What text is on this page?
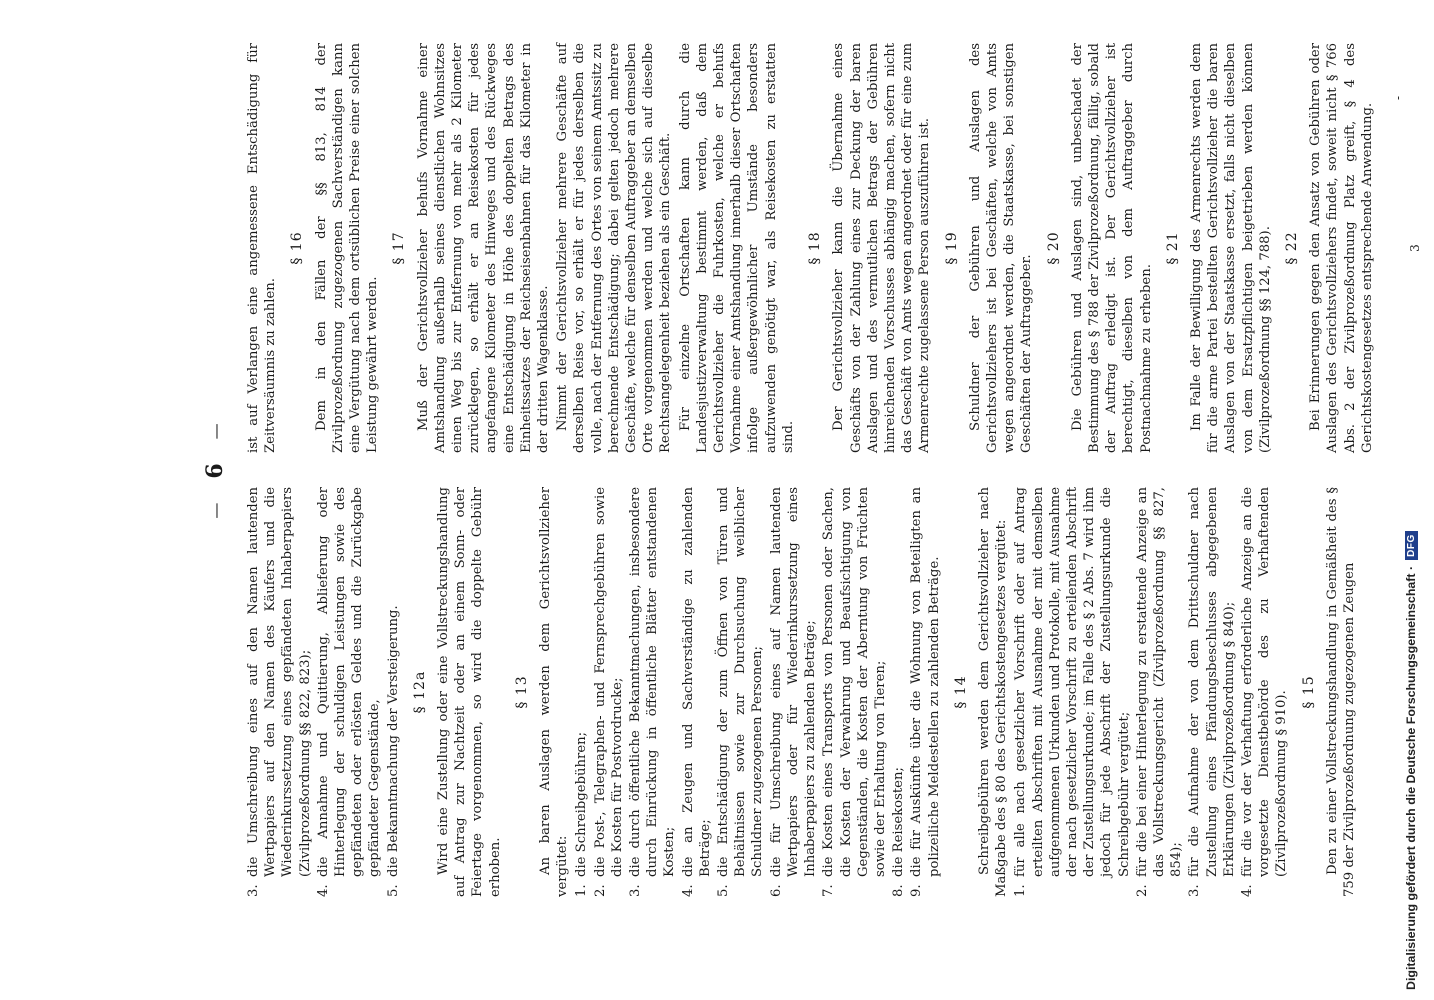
—
6
—
3.
die Umschreibung eines auf den Namen lautenden Wertpapiers auf den Namen des Käufers und die Wiederinkurssetzung eines gepfändeten Inhaberpapiers (Zivilprozeßordnung §§ 822, 823);
4.
die Annahme und Quittierung, Ablieferung oder Hinterlegung der schuldigen Leistungen sowie des gepfändeten oder erlösten Geldes und die Zurückgabe gepfändeter Gegenstände,
5.
die Bekanntmachung der Versteigerung. § 12a Wird eine Zustellung oder eine Vollstreckungshandlung auf Antrag zur Nachtzeit oder an einem Sonn- oder Feiertage vorgenommen, so wird die doppelte Gebühr erhoben.

§ 13 An baren Auslagen werden dem Gerichtsvollzieher vergütet: 1.
die Schreibgebühren;
2.
die Post-, Telegraphen- und Fernsprechgebühren sowie die Kosten für Postvordrucke;
3.
die durch öffentliche Bekanntmachungen, insbesondere durch Einrückung in öffentliche Blätter entstandenen Kosten;
4.
die an Zeugen und Sachverständige zu zahlenden Beträge;
5.
die Entschädigung der zum Öffnen von Türen und Behältnissen sowie zur Durchsuchung weiblicher Schuldner zugezogenen Personen;
6.
die für Umschreibung eines auf Namen lautenden Wertpapiers oder für Wiederinkurssetzung eines Inhaberpapiers zu zahlenden Beträge;
7.
die Kosten eines Transports von Personen oder Sachen, die Kosten der Verwahrung und Beaufsichtigung von Gegenständen, die Kosten der Aberntung von Früchten sowie der Erhaltung von Tieren;
8.
die Reisekosten;
9.
die für Auskünfte über die Wohnung von Beteiligten an polizeiliche Meldestellen zu zahlenden Beträge. § 14 Schreibgebühren werden dem Gerichtsvollzieher nach Maßgabe des § 80 des Gerichtskostengesetzes vergütet: 1.
für alle nach gesetzlicher Vorschrift oder auf Antrag erteilten Abschriften mit Ausnahme der mit demselben aufgenommenen Urkunden und Protokolle, mit Ausnahme der nach gesetzlicher Vorschrift zu erteilenden Abschrift der Zustellungsurkunde; im Falle des § 2 Abs. 7 wird ihm jedoch für jede Abschrift der Zustellungsurkunde die Schreibgebühr vergütet;
2.
für die bei einer Hinterlegung zu erstattende Anzeige an das Vollstreckungsgericht (Zivilprozeßordnung §§ 827, 854);
3.
für die Aufnahme der von dem Drittschuldner nach Zustellung eines Pfändungsbeschlusses abgegebenen Erklärungen (Zivilprozeßordnung § 840);
4.
für die vor der Verhaftung erforderliche Anzeige an die vorgesetzte Dienstbehörde des zu Verhaftenden (Zivilprozeßordnung § 910). § 15 Den zu einer Vollstreckungshandlung in Gemäßheit des § 759 der Zivilprozeßordnung zugezogenen Zeugen

ist auf Verlangen eine angemessene Entschädigung für Zeitversäumnis zu zahlen.

§ 16 Dem in den Fällen der §§ 813, 814 der Zivilprozeßordnung zugezogenen Sachverständigen kann eine Vergütung nach dem ortsüblichen Preise einer solchen Leistung gewährt werden.

§ 17 Muß der Gerichtsvollzieher behufs Vornahme einer Amtshandlung außerhalb seines dienstlichen Wohnsitzes einen Weg bis zur Entfernung von mehr als 2 Kilometer zurücklegen, so erhält er an Reisekosten für jedes angefangene Kilometer des Hinweges und des Rückweges eine Entschädigung in Höhe des doppelten Betrags des Einheitssatzes der Reichseisenbahnen für das Kilometer in der dritten Wagenklasse. Nimmt der Gerichtsvollzieher mehrere Geschäfte auf derselben Reise vor, so erhält er für jedes derselben die volle, nach der Entfernung des Ortes von seinem Amtssitz zu berechnende Entschädigung; dabei gelten jedoch mehrere Geschäfte, welche für denselben Auftraggeber an demselben Orte vorgenommen werden und welche sich auf dieselbe Rechtsangelegenheit beziehen als ein Geschäft. Für einzelne Ortschaften kann durch die Landesjustizverwaltung bestimmt werden, daß dem Gerichtsvollzieher die Fuhrkosten, welche er behufs Vornahme einer Amtshandlung innerhalb dieser Ortschaften infolge außergewöhnlicher Umstände besonders aufzuwenden genötigt war, als Reisekosten zu erstatten sind.

§ 18 Der Gerichtsvollzieher kann die Übernahme eines Geschäfts von der Zahlung eines zur Deckung der baren Auslagen und des vermutlichen Betrags der Gebühren hinreichenden Vorschusses abhängig machen, sofern nicht das Geschäft von Amts wegen angeordnet oder für eine zum Armenrechte zugelassene Person auszuführen ist. § 19 Schuldner der Gebühren und Auslagen des Gerichtsvollziehers ist bei Geschäften, welche von Amts wegen angeordnet werden, die Staatskasse, bei sonstigen Geschäften der Auftraggeber.

§ 20 Die Gebühren und Auslagen sind, unbeschadet der Bestimmung des § 788 der Zivilprozeßordnung, fällig, sobald der Auftrag erledigt ist. Der Gerichtsvollzieher ist berechtigt, dieselben von dem Auftraggeber durch Postnachnahme zu erheben.

§ 21 Im Falle der Bewilligung des Armenrechts werden dem für die arme Partei bestellten Gerichtsvollzieher die baren Auslagen von der Staatskasse ersetzt, falls nicht dieselben von dem Ersatzpflichtigen beigetrieben werden können (Zivilprozeßordnung §§ 124, 788). § 22 Bei Erinnerungen gegen den Ansatz von Gebühren oder Auslagen des Gerichtsvollziehers findet, soweit nicht § 766 Abs. 2 der Zivilprozeßordnung Platz greift, § 4 des Gerichtskostengesetzes entsprechende Anwendung.

-
3
Digitalisierung gefördert durch die Deutsche Forschungsgemeinschaft ·
DFG
